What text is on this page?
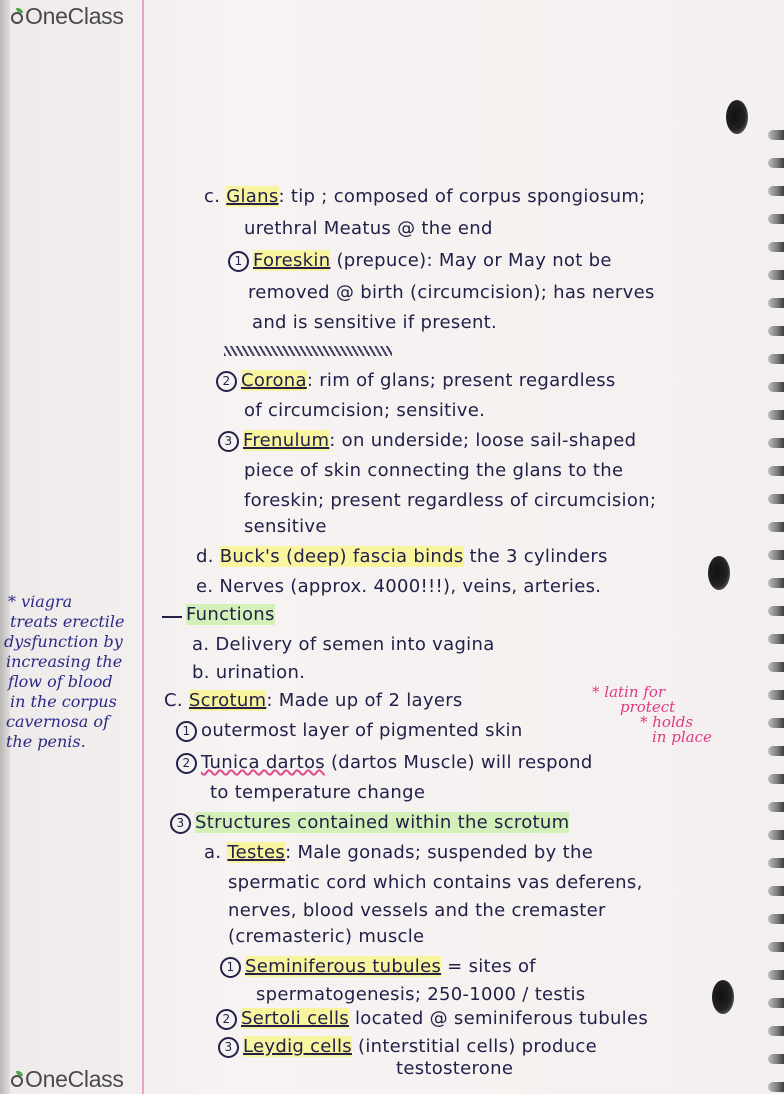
OneClass
OneClass
c. Glans: tip ; composed of corpus spongiosum;
urethral Meatus @ the end
1 Foreskin (prepuce): May or May not be
removed @ birth (circumcision); has nerves
and is sensitive if present.
2 Corona: rim of glans; present regardless
of circumcision; sensitive.
3 Frenulum: on underside; loose sail-shaped
piece of skin connecting the glans to the
foreskin; present regardless of circumcision;
sensitive
d. Buck's (deep) fascia binds the 3 cylinders
e. Nerves (approx. 4000!!!), veins, arteries.
Functions
a. Delivery of semen into vagina
b. urination.
C. Scrotum: Made up of 2 layers
1 outermost layer of pigmented skin
2 Tunica dartos (dartos Muscle) will respond
to temperature change
3 Structures contained within the scrotum
a. Testes: Male gonads; suspended by the
spermatic cord which contains vas deferens,
nerves, blood vessels and the cremaster
(cremasteric) muscle
1 Seminiferous tubules = sites of
spermatogenesis; 250-1000 / testis
2 Sertoli cells located @ seminiferous tubules
3 Leydig cells (interstitial cells) produce
testosterone
* viagra
treats erectile
dysfunction by
increasing the
flow of blood
in the corpus
cavernosa of
the penis.
* latin for
protect
* holds
in place
